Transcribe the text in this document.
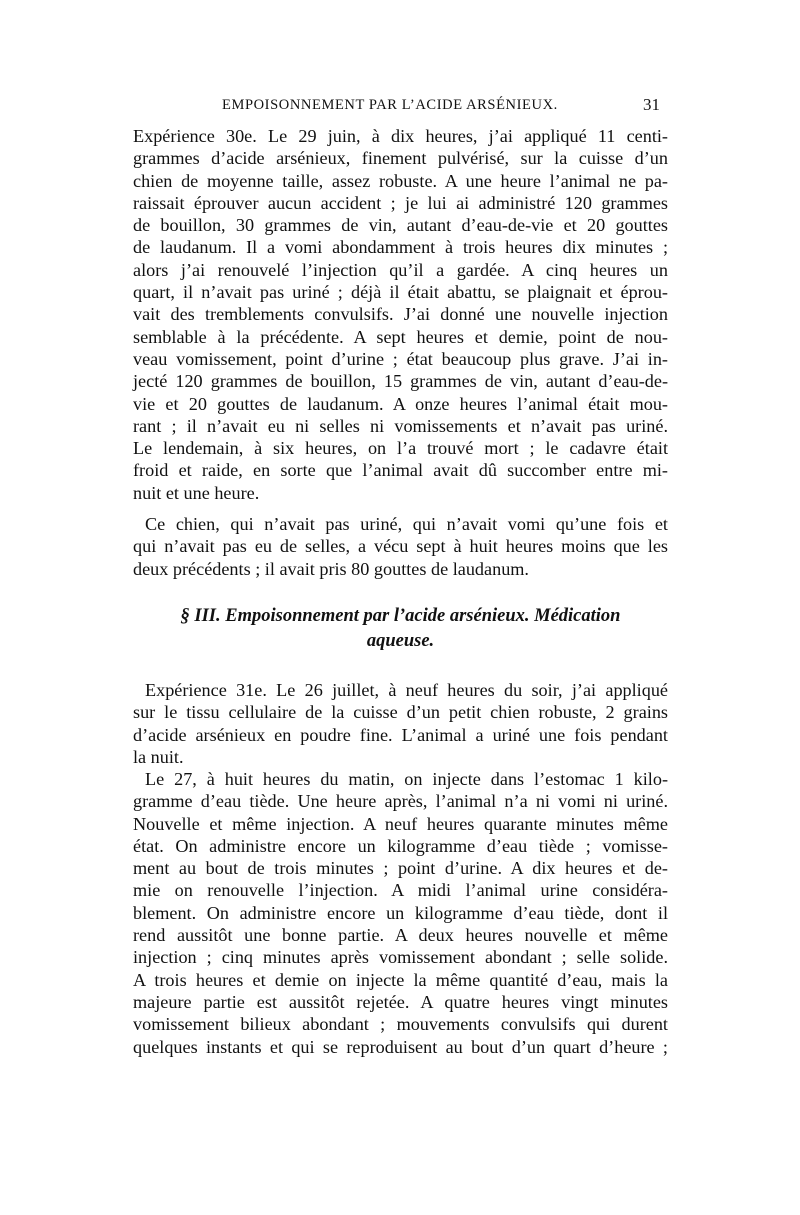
EMPOISONNEMENT PAR L’ACIDE ARSÉNIEUX.	31
Expérience 30e. Le 29 juin, à dix heures, j’ai appliqué 11 centi-
grammes d’acide arsénieux, finement pulvérisé, sur la cuisse d’un
chien de moyenne taille, assez robuste. A une heure l’animal ne pa-
raissait éprouver aucun accident ; je lui ai administré 120 grammes
de bouillon, 30 grammes de vin, autant d’eau-de-vie et 20 gouttes
de laudanum. Il a vomi abondamment à trois heures dix minutes ;
alors j’ai renouvelé l’injection qu’il a gardée. A cinq heures un
quart, il n’avait pas uriné ; déjà il était abattu, se plaignait et éprou-
vait des tremblements convulsifs. J’ai donné une nouvelle injection
semblable à la précédente. A sept heures et demie, point de nou-
veau vomissement, point d’urine ; état beaucoup plus grave. J’ai in-
jecté 120 grammes de bouillon, 15 grammes de vin, autant d’eau-de-
vie et 20 gouttes de laudanum. A onze heures l’animal était mou-
rant ; il n’avait eu ni selles ni vomissements et n’avait pas uriné.
Le lendemain, à six heures, on l’a trouvé mort ; le cadavre était
froid et raide, en sorte que l’animal avait dû succomber entre mi-
nuit et une heure.
Ce chien, qui n’avait pas uriné, qui n’avait vomi qu’une fois et
qui n’avait pas eu de selles, a vécu sept à huit heures moins que les
deux précédents ; il avait pris 80 gouttes de laudanum.
§ III. Empoisonnement par l’acide arsénieux. Médication
aqueuse.
Expérience 31e. Le 26 juillet, à neuf heures du soir, j’ai appliqué
sur le tissu cellulaire de la cuisse d’un petit chien robuste, 2 grains
d’acide arsénieux en poudre fine. L’animal a uriné une fois pendant
la nuit.
Le 27, à huit heures du matin, on injecte dans l’estomac 1 kilo-
gramme d’eau tiède. Une heure après, l’animal n’a ni vomi ni uriné.
Nouvelle et même injection. A neuf heures quarante minutes même
état. On administre encore un kilogramme d’eau tiède ; vomisse-
ment au bout de trois minutes ; point d’urine. A dix heures et de-
mie on renouvelle l’injection. A midi l’animal urine considéra-
blement. On administre encore un kilogramme d’eau tiède, dont il
rend aussitôt une bonne partie. A deux heures nouvelle et même
injection ; cinq minutes après vomissement abondant ; selle solide.
A trois heures et demie on injecte la même quantité d’eau, mais la
majeure partie est aussitôt rejetée. A quatre heures vingt minutes
vomissement bilieux abondant ; mouvements convulsifs qui durent
quelques instants et qui se reproduisent au bout d’un quart d’heure ;
